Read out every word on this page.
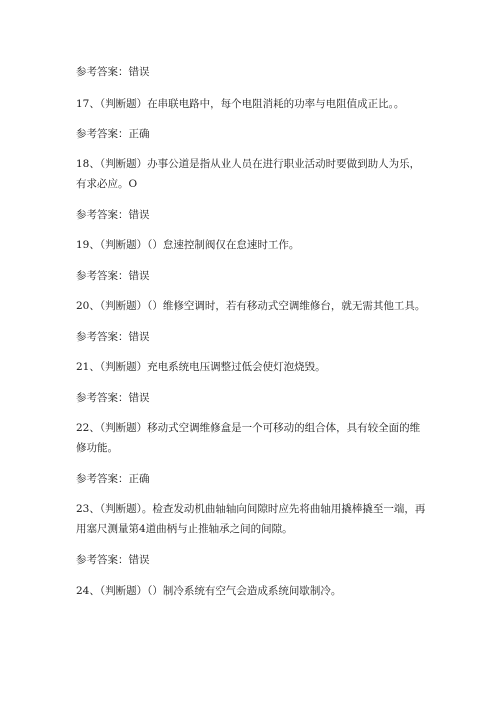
参考答案：错误
17、（判断题）在串联电路中，每个电阻消耗的功率与电阻值成正比。。
参考答案：正确
18、（判断题）办事公道是指从业人员在进行职业活动时要做到助人为乐，有求必应。O
参考答案：错误
19、（判断题）（）怠速控制阀仅在怠速时工作。
参考答案：错误
20、（判断题）（）维修空调时，若有移动式空调维修台，就无需其他工具。
参考答案：错误
21、（判断题）充电系统电压调整过低会使灯泡烧毁。
参考答案：错误
22、（判断题）移动式空调维修盒是一个可移动的组合体，具有较全面的维修功能。
参考答案：正确
23、（判断题）。检查发动机曲轴轴向间隙时应先将曲轴用撬棒撬至一端，再用塞尺测量第4道曲柄与止推轴承之间的间隙。
参考答案：错误
24、（判断题）（）制冷系统有空气会造成系统间歇制冷。
